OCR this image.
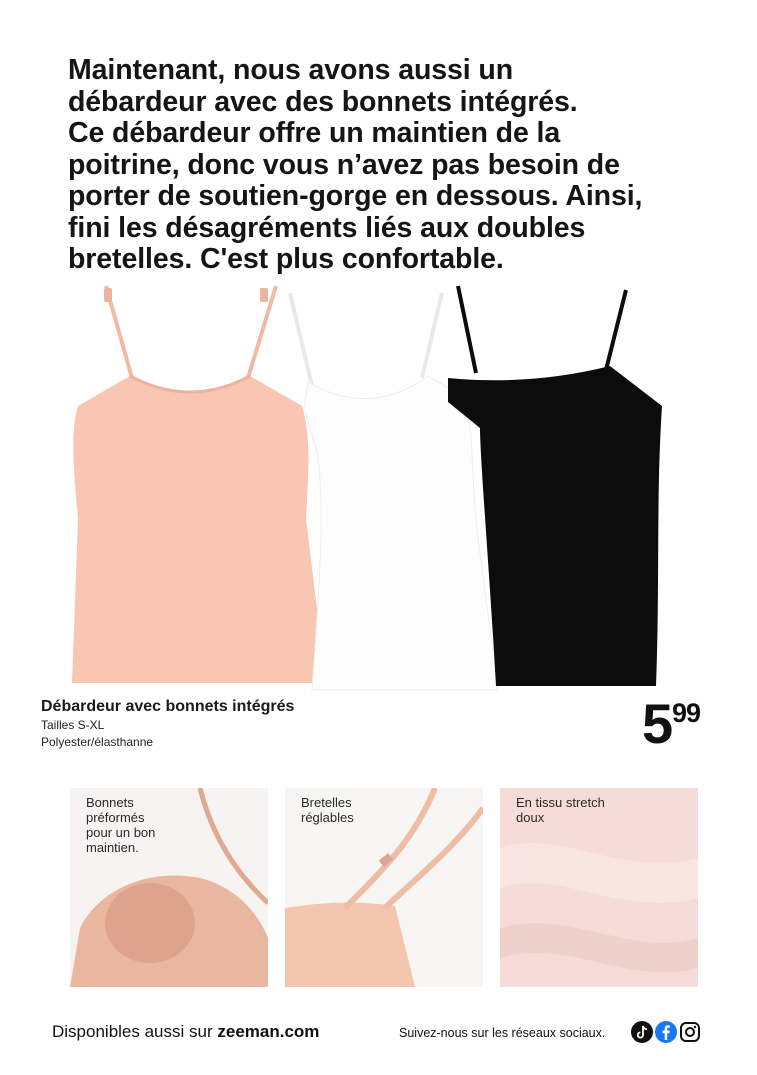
Maintenant, nous avons aussi un
débardeur avec des bonnets intégrés.
Ce débardeur offre un maintien de la
poitrine, donc vous n’avez pas besoin de
porter de soutien-gorge en dessous. Ainsi,
fini les désagréments liés aux doubles
bretelles. C'est plus confortable.
Débardeur avec bonnets intégrés
Tailles S-XL
Polyester/élasthanne	5 99

Bonnets
préformés
pour un bon
maintien.

Bretelles
réglables

En tissu stretch
doux

Disponibles aussi sur zeeman.com	Suivez-nous sur les réseaux sociaux.
